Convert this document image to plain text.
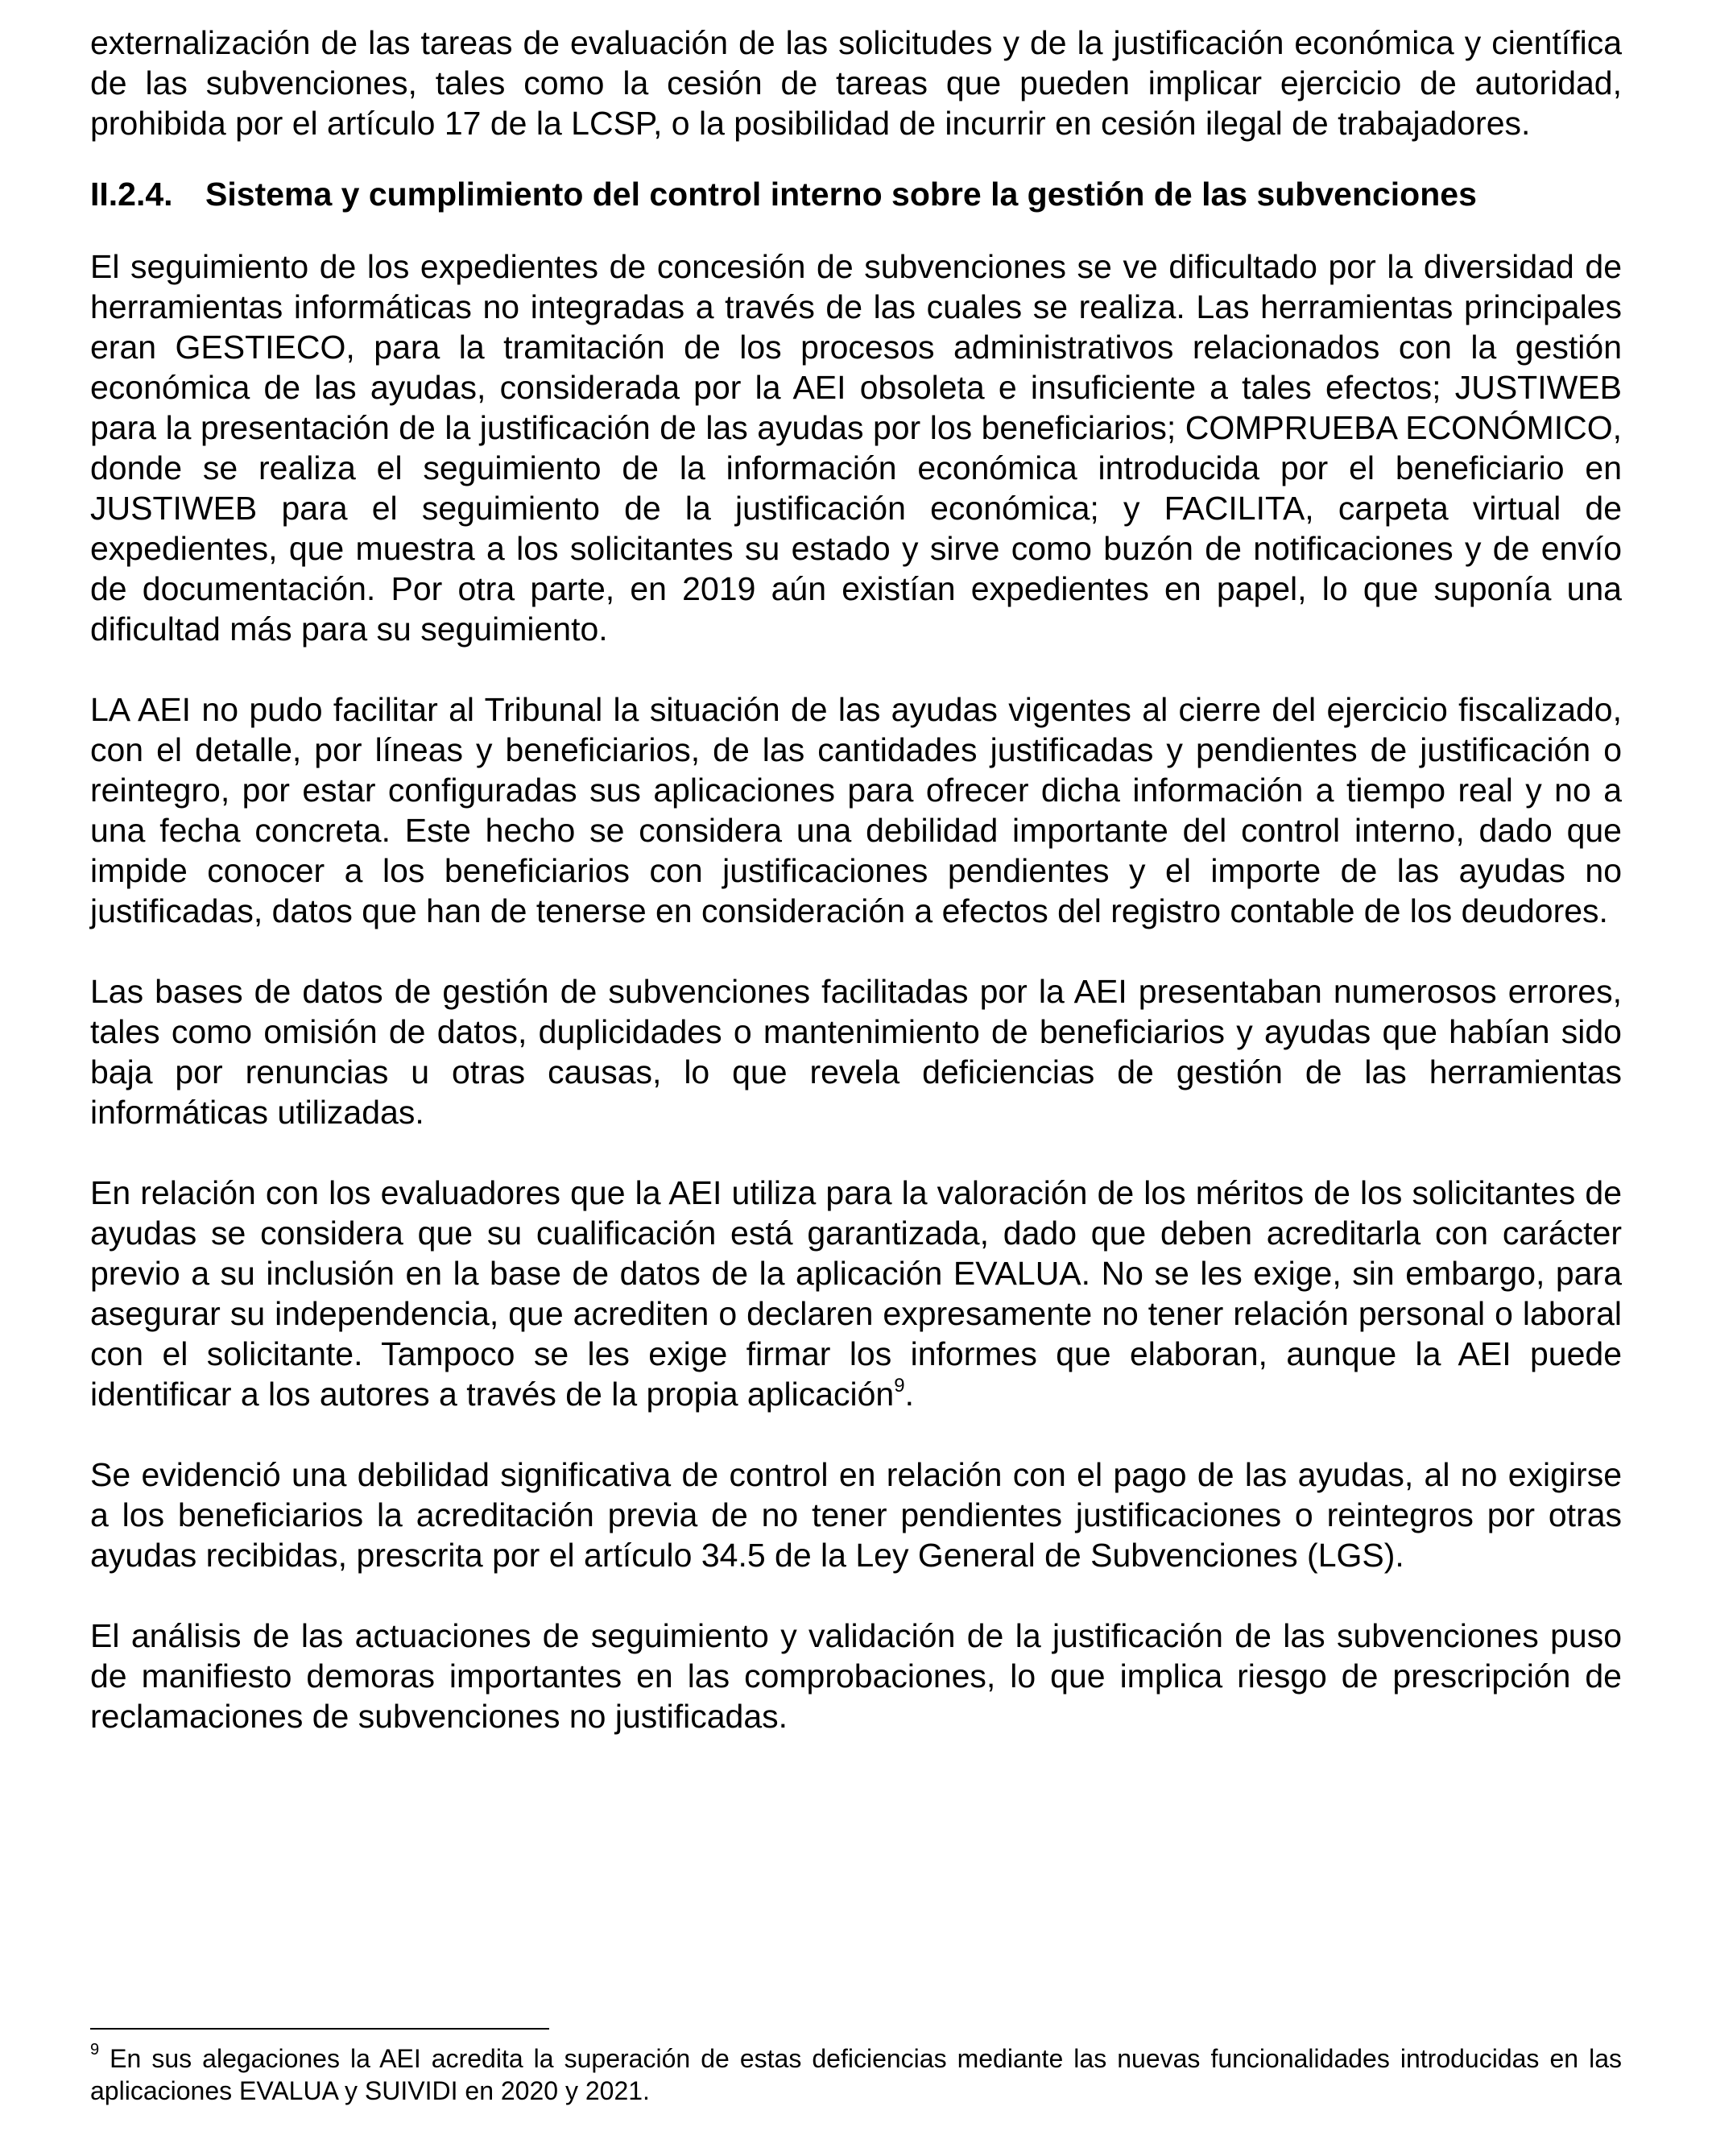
externalización de las tareas de evaluación de las solicitudes y de la justificación económica y científica de las subvenciones, tales como la cesión de tareas que pueden implicar ejercicio de autoridad, prohibida por el artículo 17 de la LCSP, o la posibilidad de incurrir en cesión ilegal de trabajadores.

II.2.4. Sistema y cumplimiento del control interno sobre la gestión de las subvenciones

El seguimiento de los expedientes de concesión de subvenciones se ve dificultado por la diversidad de herramientas informáticas no integradas a través de las cuales se realiza. Las herramientas principales eran GESTIECO, para la tramitación de los procesos administrativos relacionados con la gestión económica de las ayudas, considerada por la AEI obsoleta e insuficiente a tales efectos; JUSTIWEB para la presentación de la justificación de las ayudas por los beneficiarios; COMPRUEBA ECONÓMICO, donde se realiza el seguimiento de la información económica introducida por el beneficiario en JUSTIWEB para el seguimiento de la justificación económica; y FACILITA, carpeta virtual de expedientes, que muestra a los solicitantes su estado y sirve como buzón de notificaciones y de envío de documentación. Por otra parte, en 2019 aún existían expedientes en papel, lo que suponía una dificultad más para su seguimiento.

LA AEI no pudo facilitar al Tribunal la situación de las ayudas vigentes al cierre del ejercicio fiscalizado, con el detalle, por líneas y beneficiarios, de las cantidades justificadas y pendientes de justificación o reintegro, por estar configuradas sus aplicaciones para ofrecer dicha información a tiempo real y no a una fecha concreta. Este hecho se considera una debilidad importante del control interno, dado que impide conocer a los beneficiarios con justificaciones pendientes y el importe de las ayudas no justificadas, datos que han de tenerse en consideración a efectos del registro contable de los deudores.

Las bases de datos de gestión de subvenciones facilitadas por la AEI presentaban numerosos errores, tales como omisión de datos, duplicidades o mantenimiento de beneficiarios y ayudas que habían sido baja por renuncias u otras causas, lo que revela deficiencias de gestión de las herramientas informáticas utilizadas.

En relación con los evaluadores que la AEI utiliza para la valoración de los méritos de los solicitantes de ayudas se considera que su cualificación está garantizada, dado que deben acreditarla con carácter previo a su inclusión en la base de datos de la aplicación EVALUA. No se les exige, sin embargo, para asegurar su independencia, que acrediten o declaren expresamente no tener relación personal o laboral con el solicitante. Tampoco se les exige firmar los informes que elaboran, aunque la AEI puede identificar a los autores a través de la propia aplicación$^9$.

Se evidenció una debilidad significativa de control en relación con el pago de las ayudas, al no exigirse a los beneficiarios la acreditación previa de no tener pendientes justificaciones o reintegros por otras ayudas recibidas, prescrita por el artículo 34.5 de la Ley General de Subvenciones (LGS).

El análisis de las actuaciones de seguimiento y validación de la justificación de las subvenciones puso de manifiesto demoras importantes en las comprobaciones, lo que implica riesgo de prescripción de reclamaciones de subvenciones no justificadas.

$^9$ En sus alegaciones la AEI acredita la superación de estas deficiencias mediante las nuevas funcionalidades introducidas en las aplicaciones EVALUA y SUIVIDI en 2020 y 2021.
